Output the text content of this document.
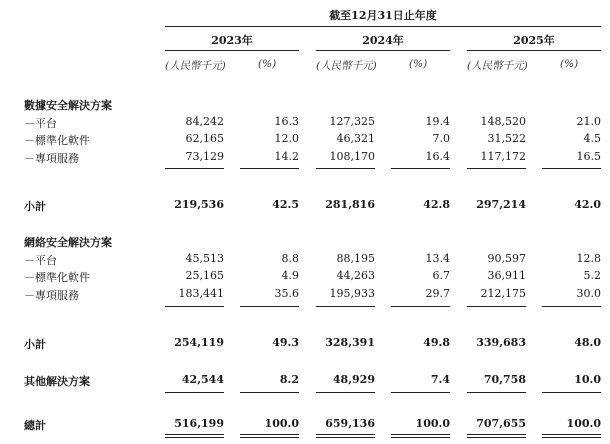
截至12月31日止年度
2023年	2024年	2025年
(人民幣千元)	(%)	(人民幣千元)	(%)	(人民幣千元)	(%)
數據安全解決方案
－平台	84,242	16.3	127,325	19.4	148,520	21.0
－標準化軟件	62,165	12.0	46,321	7.0	31,522	4.5
－專項服務	73,129	14.2	108,170	16.4	117,172	16.5
小計	219,536	42.5	281,816	42.8	297,214	42.0
網絡安全解決方案
－平台	45,513	8.8	88,195	13.4	90,597	12.8
－標準化軟件	25,165	4.9	44,263	6.7	36,911	5.2
－專項服務	183,441	35.6	195,933	29.7	212,175	30.0
小計	254,119	49.3	328,391	49.8	339,683	48.0
其他解決方案	42,544	8.2	48,929	7.4	70,758	10.0
總計	516,199	100.0	659,136	100.0	707,655	100.0
